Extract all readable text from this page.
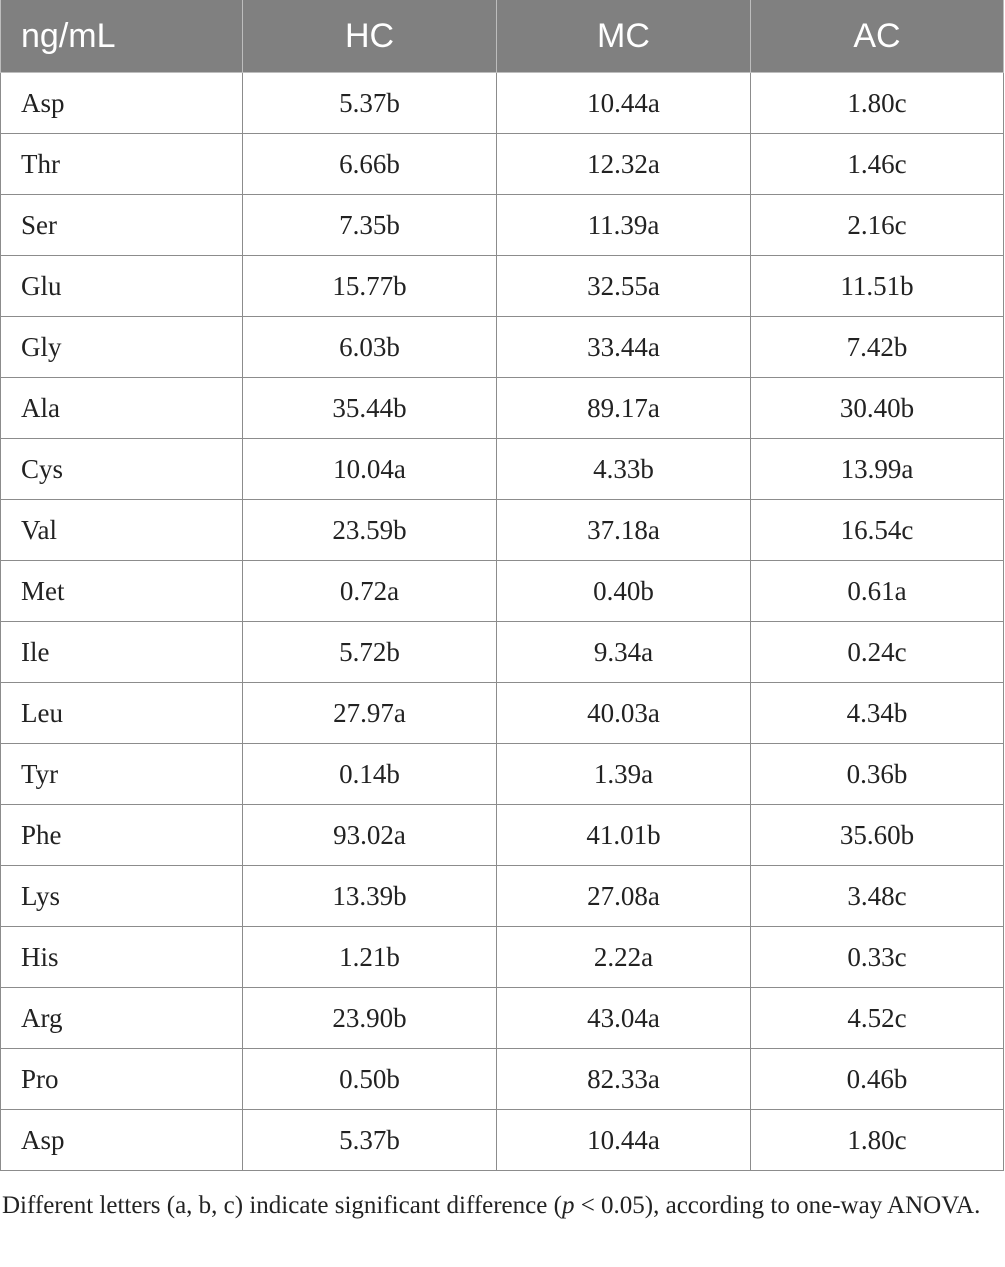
ng/mL	HC	MC	AC
Asp	5.37b	10.44a	1.80c
Thr	6.66b	12.32a	1.46c
Ser	7.35b	11.39a	2.16c
Glu	15.77b	32.55a	11.51b
Gly	6.03b	33.44a	7.42b
Ala	35.44b	89.17a	30.40b
Cys	10.04a	4.33b	13.99a
Val	23.59b	37.18a	16.54c
Met	0.72a	0.40b	0.61a
Ile	5.72b	9.34a	0.24c
Leu	27.97a	40.03a	4.34b
Tyr	0.14b	1.39a	0.36b
Phe	93.02a	41.01b	35.60b
Lys	13.39b	27.08a	3.48c
His	1.21b	2.22a	0.33c
Arg	23.90b	43.04a	4.52c
Pro	0.50b	82.33a	0.46b
Asp	5.37b	10.44a	1.80c
Different letters (a, b, c) indicate significant difference (p < 0.05), according to one-way ANOVA.
